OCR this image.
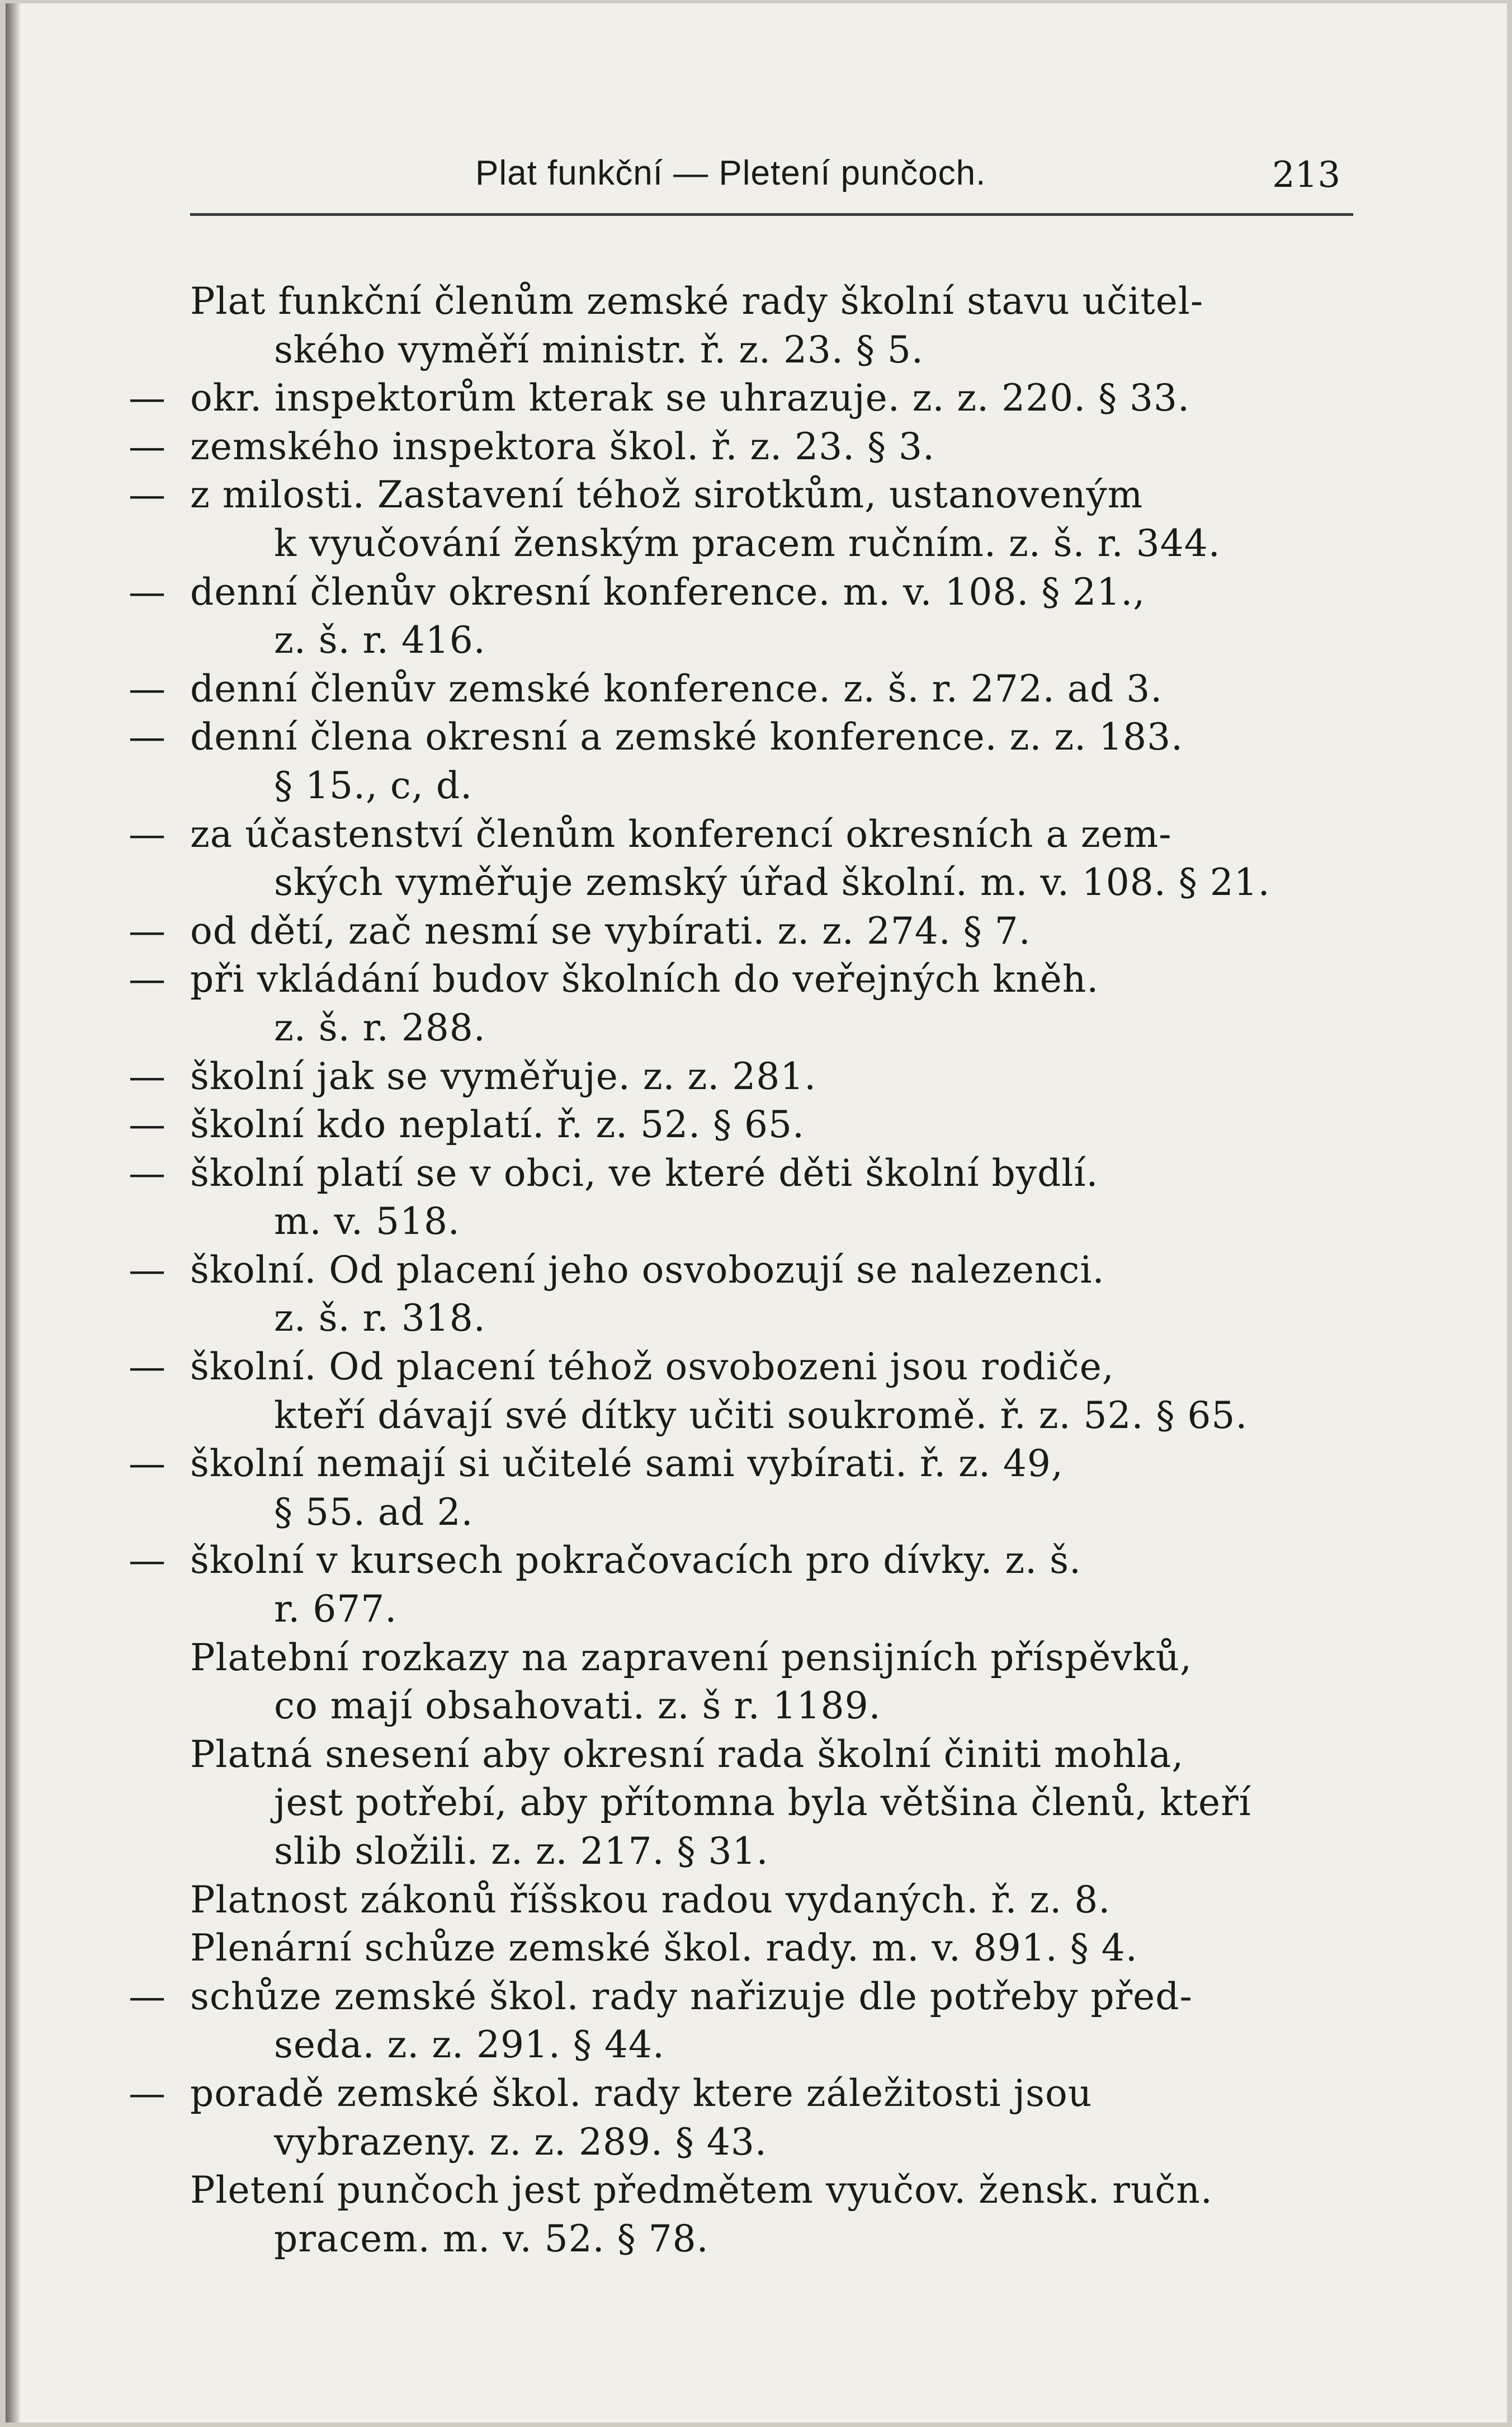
Plat funkční — Pletení punčoch.	213
Plat funkční členům zemské rady školní stavu učitel-
ského vyměří ministr. ř. z. 23. § 5.
— okr. inspektorům kterak se uhrazuje. z. z. 220. § 33.
— zemského inspektora škol. ř. z. 23. § 3.
— z milosti. Zastavení téhož sirotkům, ustanoveným
k vyučování ženským pracem ručním. z. š. r. 344.
— denní členův okresní konference. m. v. 108. § 21.,
z. š. r. 416.
— denní členův zemské konference. z. š. r. 272. ad 3.
— denní člena okresní a zemské konference. z. z. 183.
§ 15., c, d.
— za účastenství členům konferencí okresních a zem-
ských vyměřuje zemský úřad školní. m. v. 108. § 21.
— od dětí, zač nesmí se vybírati. z. z. 274. § 7.
— při vkládání budov školních do veřejných kněh.
z. š. r. 288.
— školní jak se vyměřuje. z. z. 281.
— školní kdo neplatí. ř. z. 52. § 65.
— školní platí se v obci, ve které děti školní bydlí.
m. v. 518.
— školní. Od placení jeho osvobozují se nalezenci.
z. š. r. 318.
— školní. Od placení téhož osvobozeni jsou rodiče,
kteří dávají své dítky učiti soukromě. ř. z. 52. § 65.
— školní nemají si učitelé sami vybírati. ř. z. 49,
§ 55. ad 2.
— školní v kursech pokračovacích pro dívky. z. š.
r. 677.
Platební rozkazy na zapravení pensijních příspěvků,
co mají obsahovati. z. š r. 1189.
Platná snesení aby okresní rada školní činiti mohla,
jest potřebí, aby přítomna byla většina členů, kteří
slib složili. z. z. 217. § 31.
Platnost zákonů říšskou radou vydaných. ř. z. 8.
Plenární schůze zemské škol. rady. m. v. 891. § 4.
— schůze zemské škol. rady nařizuje dle potřeby před-
seda. z. z. 291. § 44.
— poradě zemské škol. rady ktere záležitosti jsou
vybrazeny. z. z. 289. § 43.
Pletení punčoch jest předmětem vyučov. žensk. ručn.
pracem. m. v. 52. § 78.
